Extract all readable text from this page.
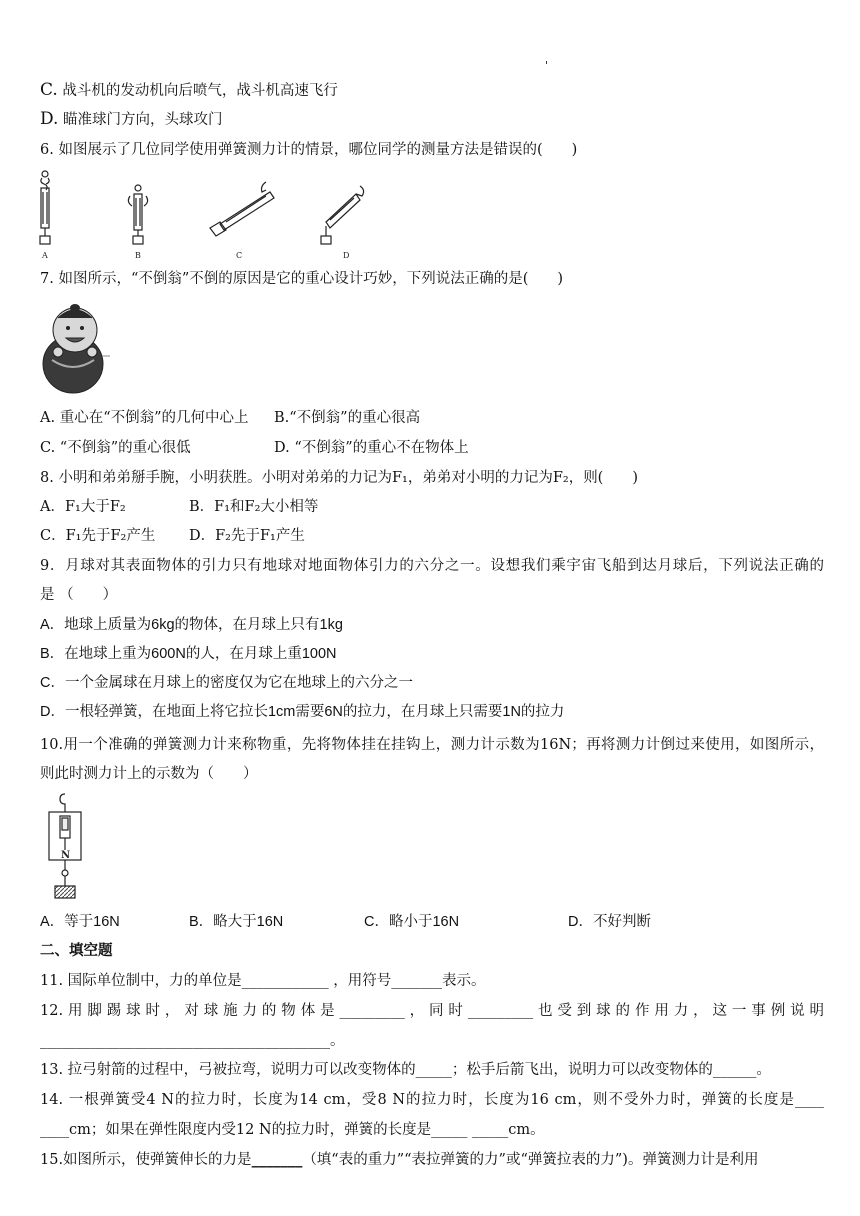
'
C. 战斗机的发动机向后喷气，战斗机高速飞行
D. 瞄准球门方向，头球攻门
6. 如图展示了几位同学使用弹簧测力计的情景，哪位同学的测量方法是错误的(　　)
A	B	C	D
7. 如图所示，“不倒翁”不倒的原因是它的重心设计巧妙，下列说法正确的是(　　)
A. 重心在“不倒翁”的几何中心上 B.“不倒翁”的重心很高
C. “不倒翁”的重心很低	D. “不倒翁”的重心不在物体上
8. 小明和弟弟掰手腕，小明获胜。小明对弟弟的力记为F₁，弟弟对小明的力记为F₂，则(　　)
A．F₁大于F₂	B．F₁和F₂大小相等
C．F₁先于F₂产生 D．F₂先于F₁产生
9．月球对其表面物体的引力只有地球对地面物体引力的六分之一。设想我们乘宇宙飞船到达月球后，下列说法正确的
是 （　　）
A．地球上质量为6kg的物体，在月球上只有1kg
B．在地球上重为600N的人，在月球上重100N
C．一个金属球在月球上的密度仅为它在地球上的六分之一
D．一根轻弹簧，在地面上将它拉长1cm需要6N的拉力，在月球上只需要1N的拉力
10.用一个准确的弹簧测力计来称物重，先将物体挂在挂钩上，测力计示数为16N；再将测力计倒过来使用，如图所示，
则此时测力计上的示数为（　　）
N
A．等于16N	B．略大于16N	C．略小于16N	D．不好判断
二、填空题
11. 国际单位制中，力的单位是____________ ，用符号_______表示。
12.用脚踢球时，对球施力的物体是_________，同时_________也受到球的作用力，这一事例说明
________________________________________。
13. 拉弓射箭的过程中，弓被拉弯，说明力可以改变物体的_____；松手后箭飞出，说明力可以改变物体的______。
14. 一根弹簧受4 N的拉力时，长度为14 cm，受8 N的拉力时，长度为16 cm，则不受外力时，弹簧的长度是____
____cm；如果在弹性限度内受12 N的拉力时，弹簧的长度是_____ _____cm。
15.如图所示，使弹簧伸长的力是_______（填“表的重力”“表拉弹簧的力”或“弹簧拉表的力”)。弹簧测力计是利用
